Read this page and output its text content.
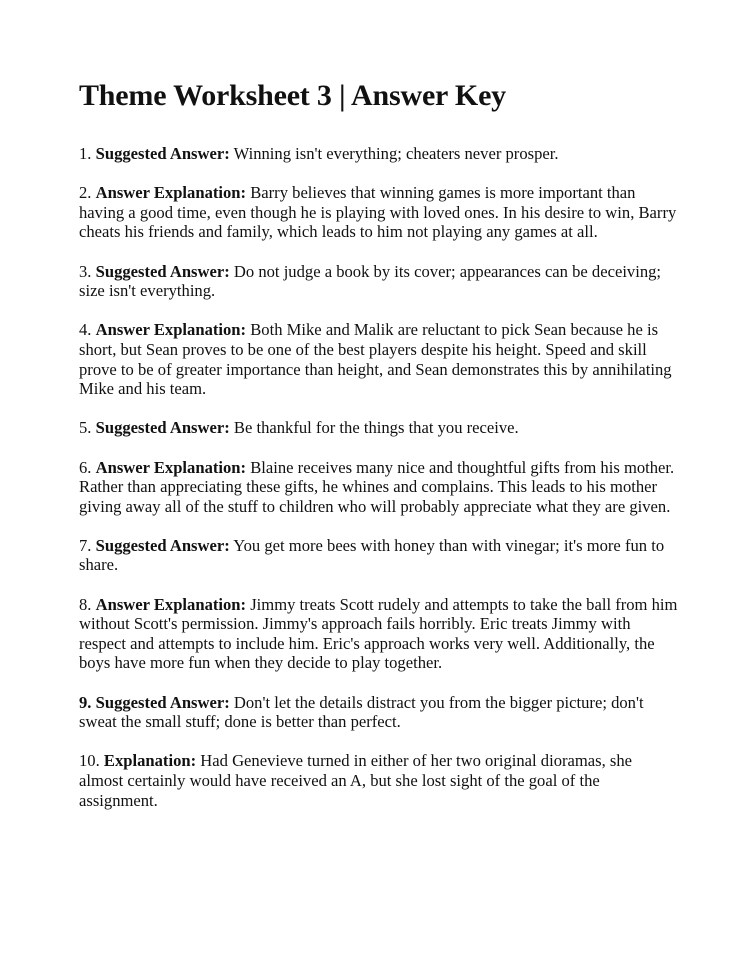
Theme Worksheet 3 | Answer Key

1. Suggested Answer: Winning isn't everything; cheaters never prosper.

2. Answer Explanation: Barry believes that winning games is more important than having a good time, even though he is playing with loved ones. In his desire to win, Barry cheats his friends and family, which leads to him not playing any games at all.

3. Suggested Answer: Do not judge a book by its cover; appearances can be deceiving; size isn't everything.

4. Answer Explanation: Both Mike and Malik are reluctant to pick Sean because he is short, but Sean proves to be one of the best players despite his height. Speed and skill prove to be of greater importance than height, and Sean demonstrates this by annihilating Mike and his team.

5. Suggested Answer: Be thankful for the things that you receive.

6. Answer Explanation: Blaine receives many nice and thoughtful gifts from his mother. Rather than appreciating these gifts, he whines and complains. This leads to his mother giving away all of the stuff to children who will probably appreciate what they are given.

7. Suggested Answer: You get more bees with honey than with vinegar; it's more fun to share.

8. Answer Explanation: Jimmy treats Scott rudely and attempts to take the ball from him without Scott's permission. Jimmy's approach fails horribly. Eric treats Jimmy with respect and attempts to include him. Eric's approach works very well. Additionally, the boys have more fun when they decide to play together.

9. Suggested Answer: Don't let the details distract you from the bigger picture; don't sweat the small stuff; done is better than perfect.

10. Explanation: Had Genevieve turned in either of her two original dioramas, she almost certainly would have received an A, but she lost sight of the goal of the assignment.
